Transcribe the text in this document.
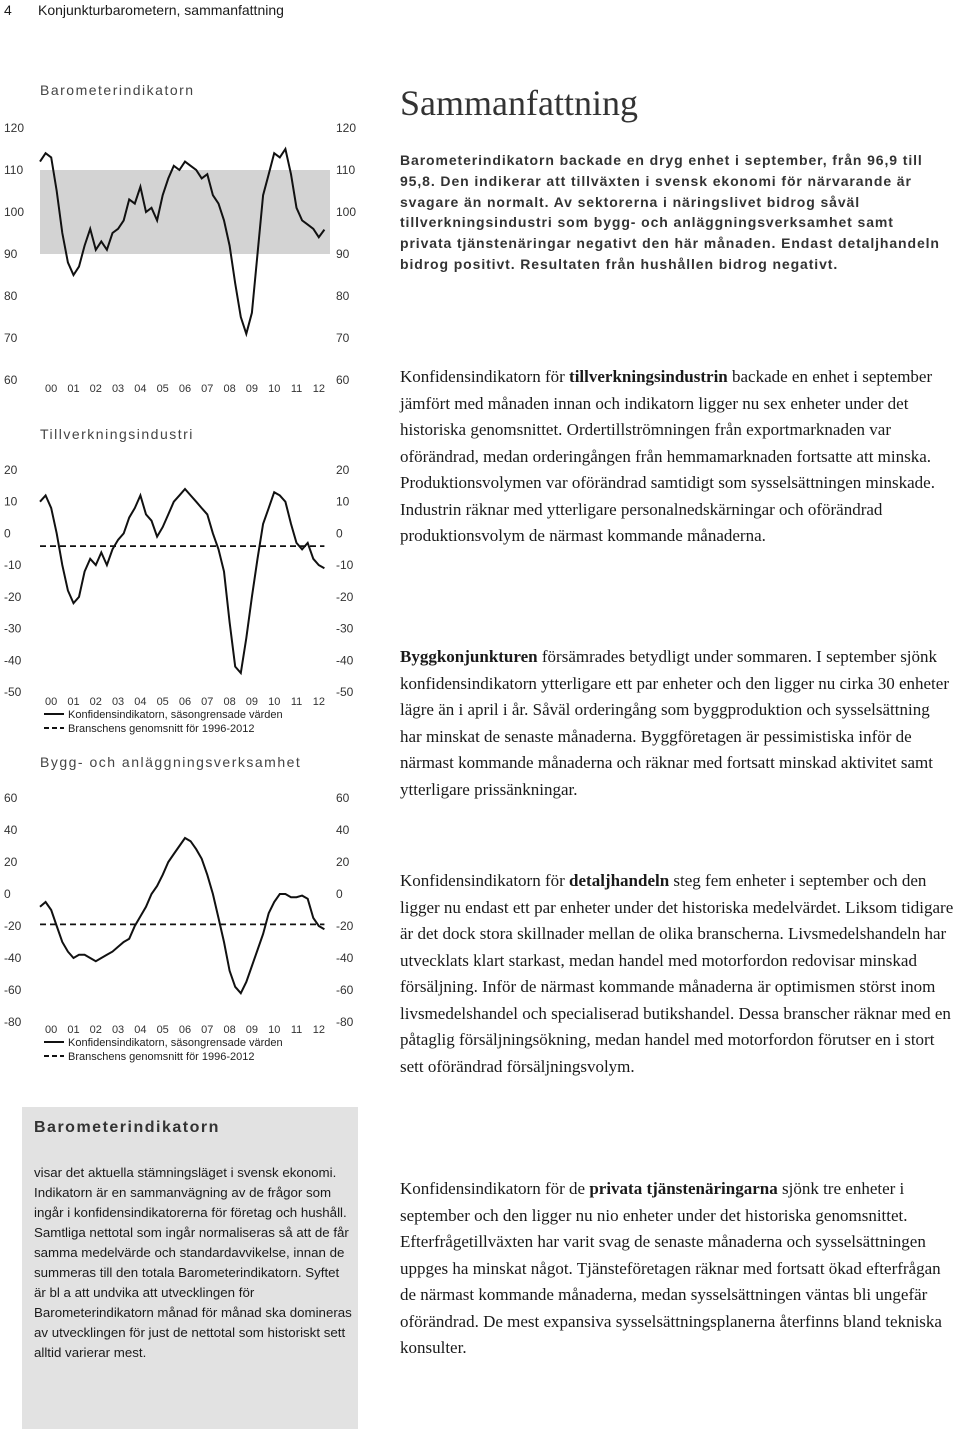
4 Konjunkturbarometern, sammanfattning
Barometerindikatorn
120
110
100
90
80
70
60
120
110
100
90
80
70
60
00 01 02 03 04 05 06 07 08 09 10 11 12
Tillverkningsindustri
20
10
0
-10
-20
-30
-40
-50
20
10
0
-10
-20
-30
-40
-50
00 01 02 03 04 05 06 07 08 09 10 11 12
Konfidensindikatorn, säsongrensade värden
Branschens genomsnitt för 1996-2012
Bygg- och anläggningsverksamhet
60
40
20
0
-20
-40
-60
-80
60
40
20
0
-20
-40
-60
-80
00 01 02 03 04 05 06 07 08 09 10 11 12
Konfidensindikatorn, säsongrensade värden
Branschens genomsnitt för 1996-2012
Barometerindikatorn
visar det aktuella stämningsläget i svensk ekonomi. Indikatorn är en sammanvägning av de frågor som ingår i konfidensindikatorerna för företag och hushåll. Samtliga nettotal som ingår normaliseras så att de får samma medelvärde och standardavvikelse, innan de summeras till den totala Barometerindikatorn. Syftet är bl a att undvika att utvecklingen för Barometerindikatorn månad för månad ska domineras av utvecklingen för just de nettotal som historiskt sett alltid varierar mest.
Sammanfattning
Barometerindikatorn backade en dryg enhet i september, från 96,9 till 95,8. Den indikerar att tillväxten i svensk ekonomi för närvarande är svagare än normalt. Av sektorerna i näringslivet bidrog såväl tillverkningsindustri som bygg- och anläggningsverksamhet samt privata tjänstenäringar negativt den här månaden. Endast detaljhandeln bidrog positivt. Resultaten från hushållen bidrog negativt.
Konfidensindikatorn för tillverkningsindustrin backade en enhet i september jämfört med månaden innan och indikatorn ligger nu sex enheter under det historiska genomsnittet. Ordertillströmningen från exportmarknaden var oförändrad, medan orderingången från hemmamarknaden fortsatte att minska. Produktionsvolymen var oförändrad samtidigt som sysselsättningen minskade. Industrin räknar med ytterligare personalnedskärningar och oförändrad produktionsvolym de närmast kommande månaderna.
Byggkonjunkturen försämrades betydligt under sommaren. I september sjönk konfidensindikatorn ytterligare ett par enheter och den ligger nu cirka 30 enheter lägre än i april i år. Såväl orderingång som byggproduktion och sysselsättning har minskat de senaste månaderna. Byggföretagen är pessimistiska inför de närmast kommande månaderna och räknar med fortsatt minskad aktivitet samt ytterligare prissänkningar.
Konfidensindikatorn för detaljhandeln steg fem enheter i september och den ligger nu endast ett par enheter under det historiska medelvärdet. Liksom tidigare är det dock stora skillnader mellan de olika branscherna. Livsmedelshandeln har utvecklats klart starkast, medan handel med motorfordon redovisar minskad försäljning. Inför de närmast kommande månaderna är optimismen störst inom livsmedelshandel och specialiserad butikshandel. Dessa branscher räknar med en påtaglig försäljningsökning, medan handel med motorfordon förutser en i stort sett oförändrad försäljningsvolym.
Konfidensindikatorn för de privata tjänstenäringarna sjönk tre enheter i september och den ligger nu nio enheter under det historiska genomsnittet. Efterfrågetillväxten har varit svag de senaste månaderna och sysselsättningen uppges ha minskat något. Tjänsteföretagen räknar med fortsatt ökad efterfrågan de närmast kommande månaderna, medan sysselsättningen väntas bli ungefär oförändrad. De mest expansiva sysselsättningsplanerna återfinns bland tekniska konsulter.
